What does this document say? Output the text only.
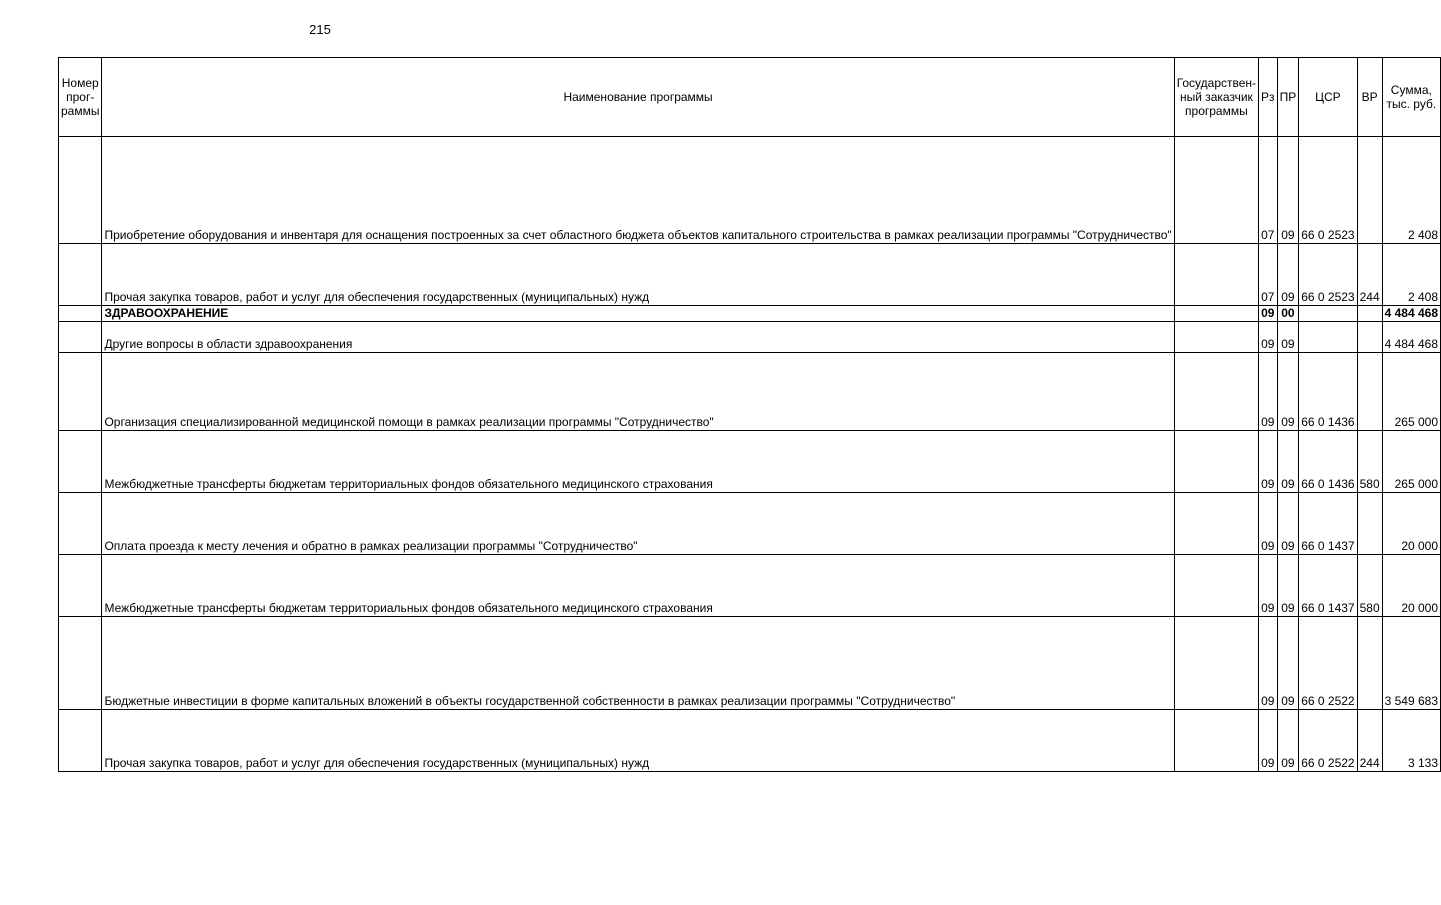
215
Номер прог-раммы	Наименование программы	Государствен-ный заказчик программы	Рз	ПР	ЦСР	ВР	Сумма, тыс. руб.
	Приобретение оборудования и инвентаря для оснащения построенных за счет областного бюджета объектов капитального строительства в рамках реализации программы "Сотрудничество"		07	09	66 0 2523		2 408
	Прочая закупка товаров, работ и услуг для обеспечения государственных (муниципальных) нужд		07	09	66 0 2523	244	2 408
	ЗДРАВООХРАНЕНИЕ		09	00			4 484 468
	Другие вопросы в области здравоохранения		09	09			4 484 468
	Организация специализированной медицинской помощи в рамках реализации программы "Сотрудничество"		09	09	66 0 1436		265 000
	Межбюджетные трансферты бюджетам территориальных фондов обязательного медицинского страхования		09	09	66 0 1436	580	265 000
	Оплата проезда к месту лечения и обратно в рамках реализации программы "Сотрудничество"		09	09	66 0 1437		20 000
	Межбюджетные трансферты бюджетам территориальных фондов обязательного медицинского страхования		09	09	66 0 1437	580	20 000
	Бюджетные инвестиции в форме капитальных вложений в объекты государственной собственности в рамках реализации программы "Сотрудничество"		09	09	66 0 2522		3 549 683
	Прочая закупка товаров, работ и услуг для обеспечения государственных (муниципальных) нужд		09	09	66 0 2522	244	3 133
